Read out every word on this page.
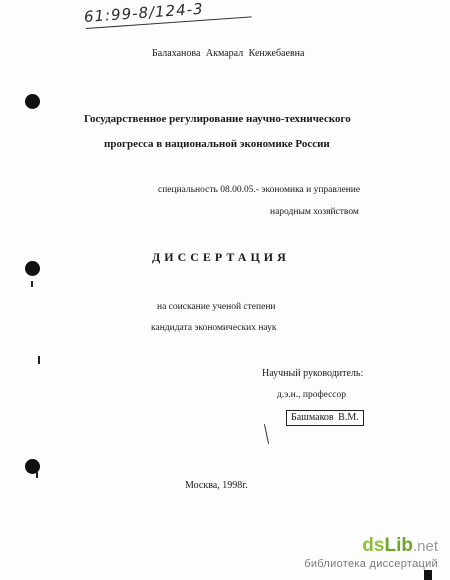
61:99-8/124-3
Балаханова Акмарал Кенжебаевна
Государственное регулирование научно-технического
прогресса в национальной экономике России
специальность 08.00.05.- экономика и управление
народным хозяйством
ДИССЕРТАЦИЯ
на соискание ученой степени
кандидата экономических наук
Научный руководитель:
д.э.н., профессор
Башмаков В.М.
Москва, 1998г.
ds Lib .net
библиотека диссертаций
